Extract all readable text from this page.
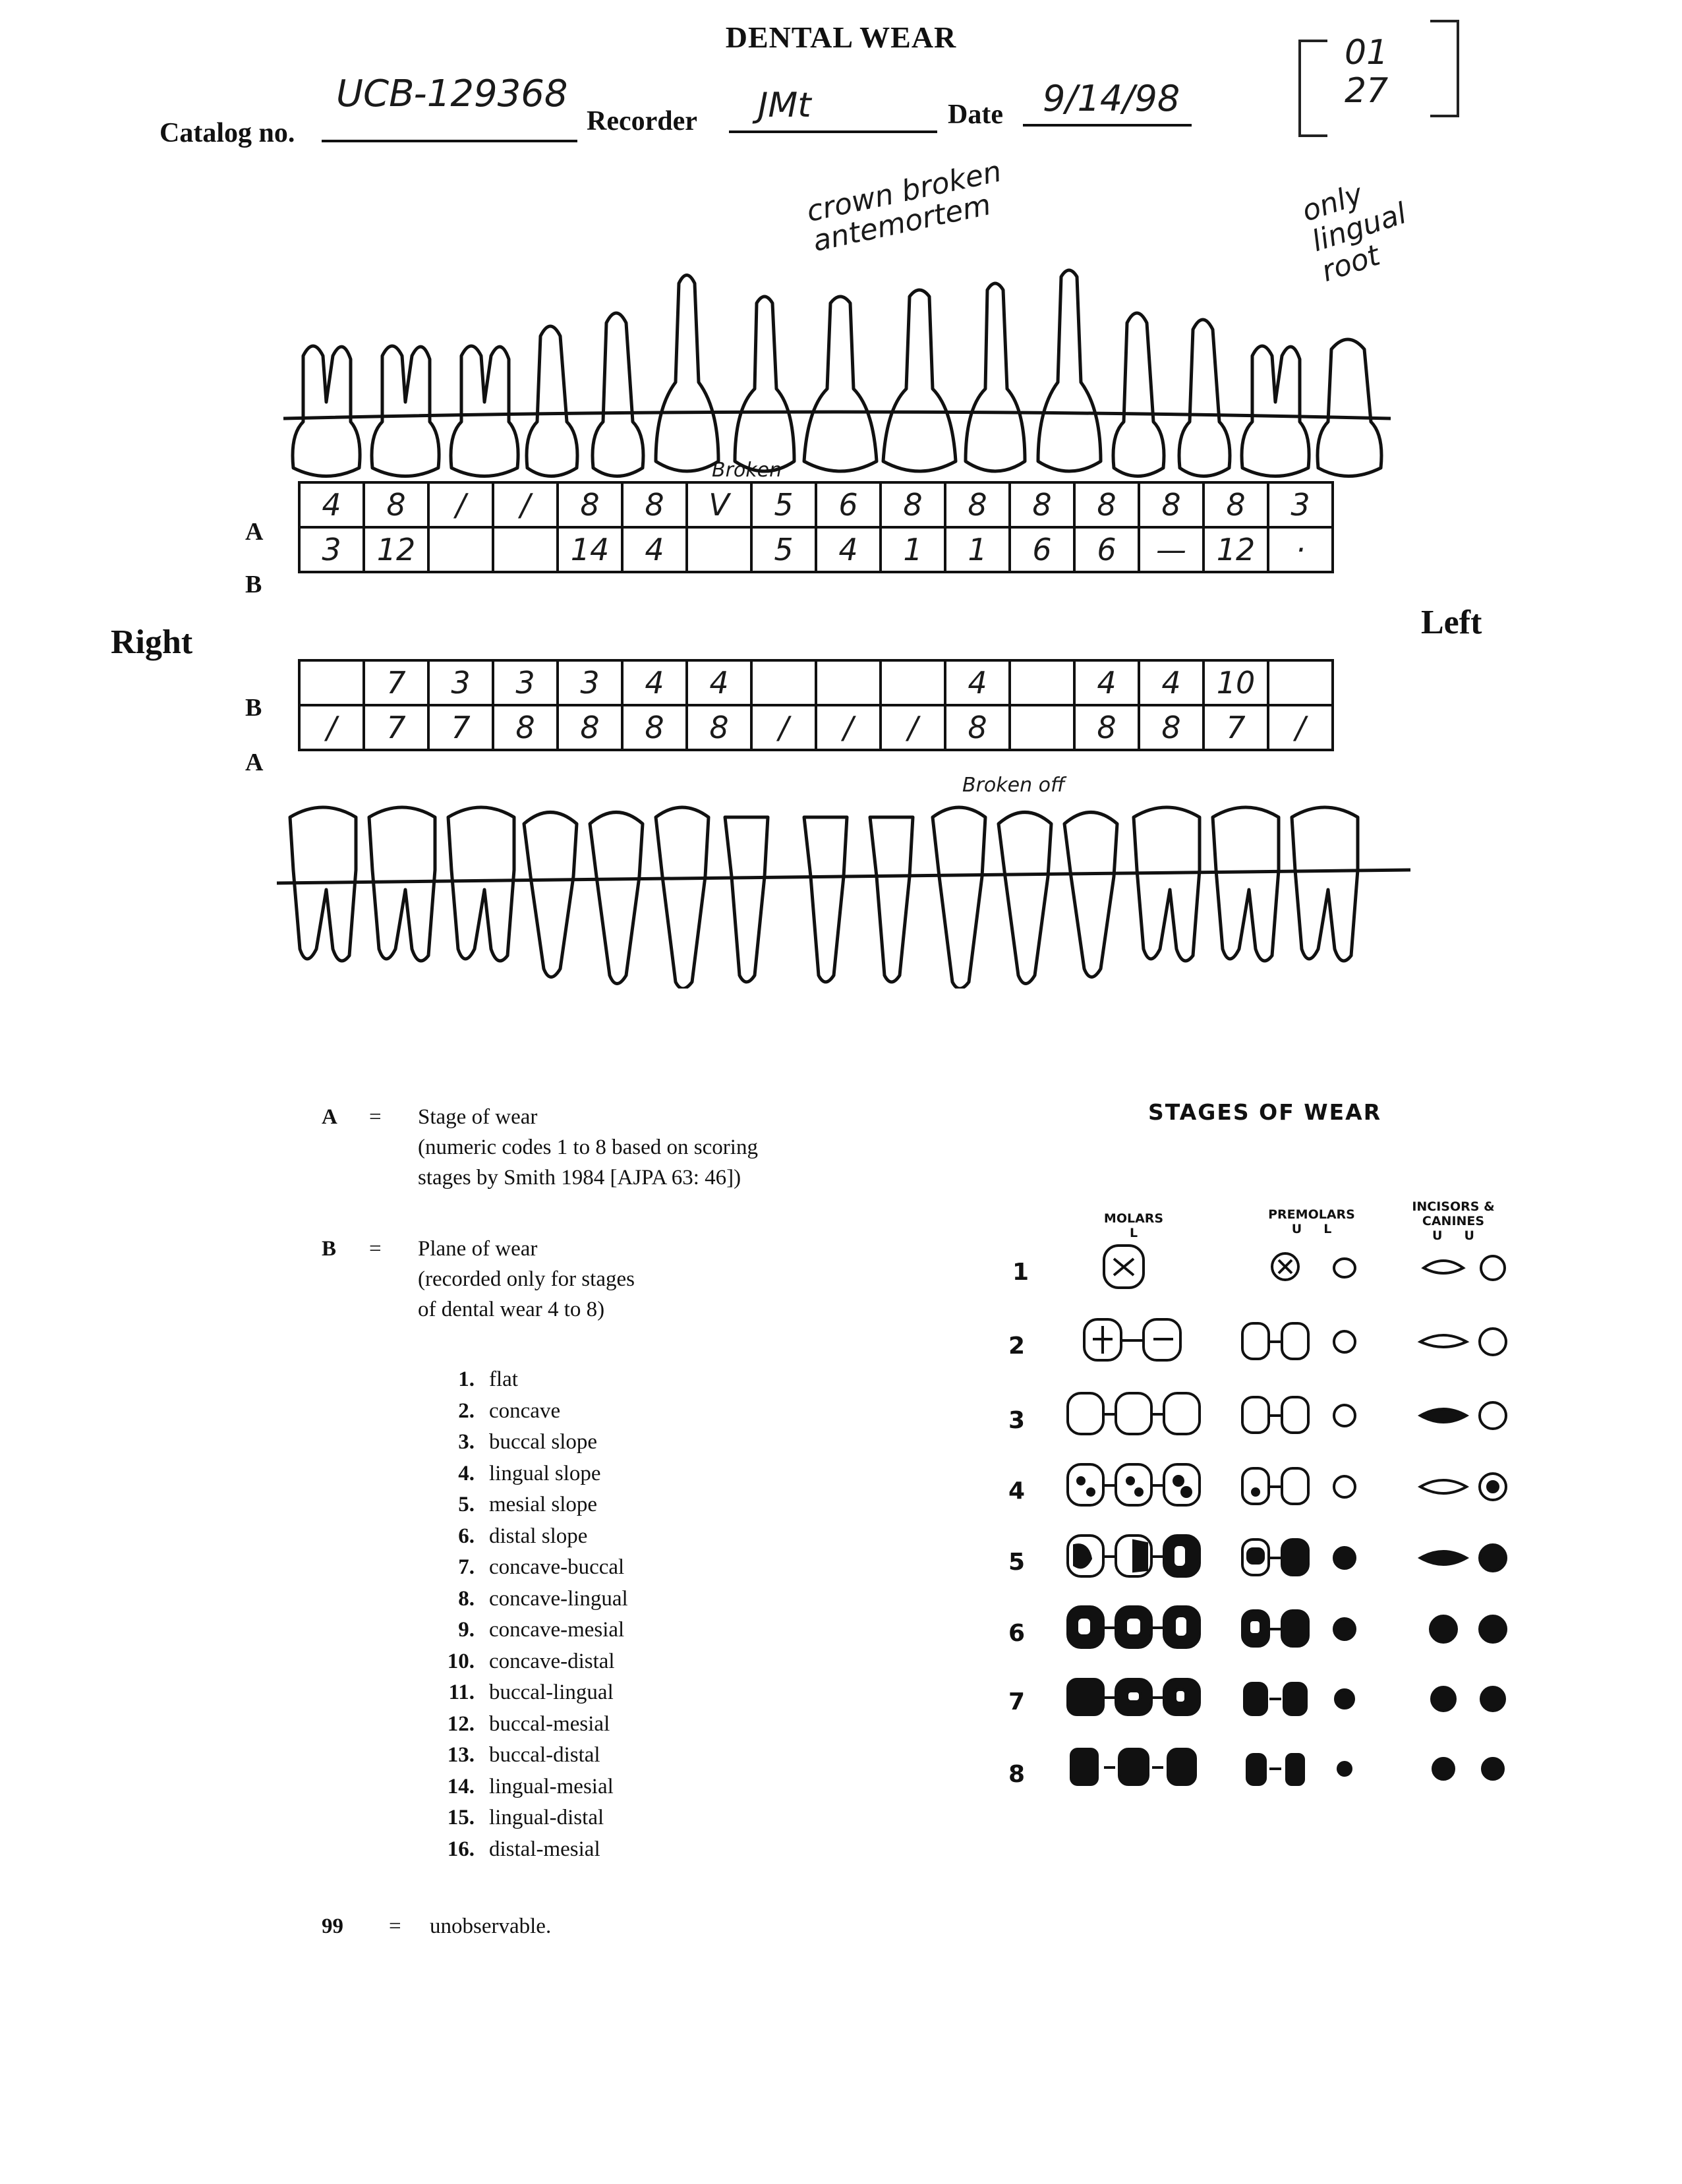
DENTAL WEAR
Catalog no.
UCB-129368
Recorder JMt	Date 9/14/98
01
27
crown broken antemortem	only lingual root
Broken
Broken off
A
B
4	8	/	/	8	8	V	5	6	8	8	8	8	8	8	3
3	12			14	4		5	4	1	1	6	6	—	12	·
Right
Left
B
A
	7	3	3	3	4	4				4		4	4	10	
/	7	7	8	8	8	8	/	/	/	8		8	8	7	/
A = Stage of wear
(numeric codes 1 to 8 based on scoring
stages by Smith 1984 [AJPA 63: 46])
B = Plane of wear
(recorded only for stages
of dental wear 4 to 8)
1. flat
2. concave
3. buccal slope
4. lingual slope
5. mesial slope
6. distal slope
7. concave-buccal
8. concave-lingual
9. concave-mesial
10. concave-distal
11. buccal-lingual
12. buccal-mesial
13. buccal-distal
14. lingual-mesial
15. lingual-distal
16. distal-mesial
99 = unobservable.
STAGES OF WEAR
MOLARS
L
PREMOLARS
U     L
INCISORS & CANINES
U     U
1
2
3
4
5
6
7
8
